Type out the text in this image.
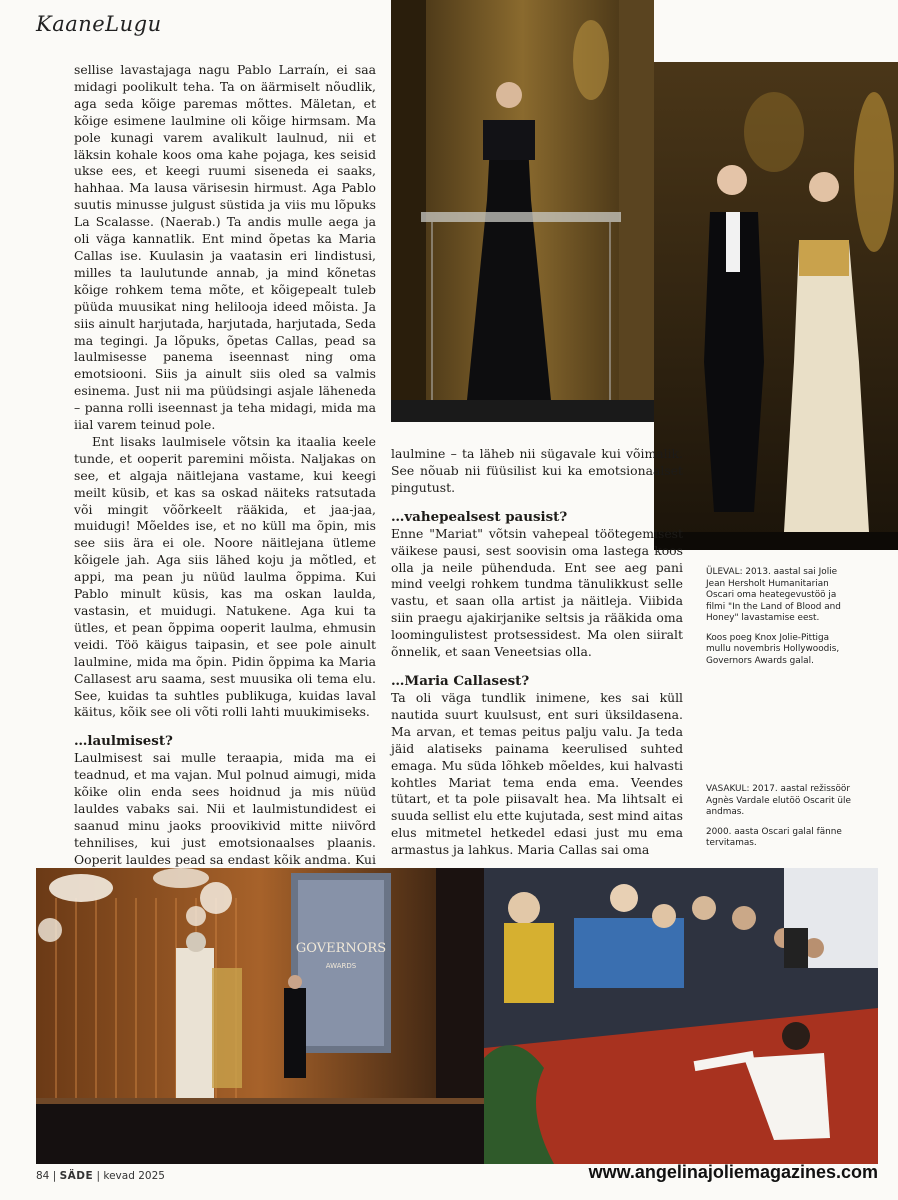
KaaneLugu

sellise lavastajaga nagu Pablo Larraín, ei saa midagi poolikult teha. Ta on äärmiselt nõudlik, aga seda kõige paremas mõttes. Mäletan, et kõige esimene laulmine oli kõige hirmsam. Ma pole kunagi varem avalikult laulnud, nii et läksin kohale koos oma kahe pojaga, kes seisid ukse ees, et keegi ruumi siseneda ei saaks, hahhaa. Ma lausa värisesin hirmust. Aga Pablo suutis minusse julgust süstida ja viis mu lõpuks La Scalasse. (Naerab.) Ta andis mulle aega ja oli väga kannatlik. Ent mind õpetas ka Maria Callas ise. Kuulasin ja vaatasin eri lindistusi, milles ta laulutunde annab, ja mind kõnetas kõige rohkem tema mõte, et kõigepealt tuleb püüda muusikat ning helilooja ideed mõista. Ja siis ainult harjutada, harjutada, harjutada, Seda ma tegingi. Ja lõpuks, õpetas Callas, pead sa laulmisesse panema iseennast ning oma emotsiooni. Siis ja ainult siis oled sa valmis esinema. Just nii ma püüdsingi asjale läheneda – panna rolli iseennast ja teha midagi, mida ma iial varem teinud pole.

Ent lisaks laulmisele võtsin ka itaalia keele tunde, et ooperit paremini mõista. Naljakas on see, et algaja näitlejana vastame, kui keegi meilt küsib, et kas sa oskad näiteks ratsutada või mingit võõrkeelt rääkida, et jaa-jaa, muidugi! Mõeldes ise, et no küll ma õpin, mis see siis ära ei ole. Noore näitlejana ütleme kõigele jah. Aga siis lähed koju ja mõtled, et appi, ma pean ju nüüd laulma õppima. Kui Pablo minult küsis, kas ma oskan laulda, vastasin, et muidugi. Natukene. Aga kui ta ütles, et pean õppima ooperit laulma, ehmusin veidi. Töö käigus taipasin, et see pole ainult laulmine, mida ma õpin. Pidin õppima ka Maria Callasest aru saama, sest muusika oli tema elu. See, kuidas ta suhtles publikuga, kuidas laval käitus, kõik see oli võti rolli lahti muukimiseks.

…laulmisest?

Laulmisest sai mulle teraapia, mida ma ei teadnud, et ma vajan. Mul polnud aimugi, mida kõike olin enda sees hoidnud ja mis nüüd lauldes vabaks sai. Nii et laulmistundidest ei saanud minu jaoks proovikivid mitte niivõrd tehnilises, kui just emotsionaalses plaanis. Ooperit lauldes pead sa endast kõik andma. Kui

laulmine – ta läheb nii sügavale kui võimalik. See nõuab nii füüsilist kui ka emotsionaalset pingutust.

…vahepealsest pausist?

Enne "Mariat" võtsin vahepeal töötegemisest väikese pausi, sest soovisin oma lastega koos olla ja neile pühenduda. Ent see aeg pani mind veelgi rohkem tundma tänulikkust selle vastu, et saan olla artist ja näitleja. Viibida siin praegu ajakirjanike seltsis ja rääkida oma loomingulistest protsessidest. Ma olen siiralt õnnelik, et saan Veneetsias olla.

…Maria Callasest?

Ta oli väga tundlik inimene, kes sai küll nautida suurt kuulsust, ent suri üksildasena. Ma arvan, et temas peitus palju valu. Ja teda jäid alatiseks painama keerulised suhted emaga. Mu süda lõhkeb mõeldes, kui halvasti kohtles Mariat tema enda ema. Veendes tütart, et ta pole piisavalt hea. Ma lihtsalt ei suuda sellist elu ette kujutada, sest mind aitas elus mitmetel hetkedel edasi just mu ema armastus ja lahkus. Maria Callas sai oma

ÜLEVAL: 2013. aastal sai Jolie Jean Hersholt Humanitarian Oscari oma heategevustöö ja filmi "In the Land of Blood and Honey" lavastamise eest.

Koos poeg Knox Jolie-Pittiga mullu novembris Hollywoodis, Governors Awards galal.

VASAKUL: 2017. aastal režissöör Agnès Vardale elutöö Oscarit üle andmas.

2000. aasta Oscari galal fänne tervitamas.

GOVERNORS
AWARDS
84 | SÄDE | kevad 2025	www.angelinajoliemagazines.com
